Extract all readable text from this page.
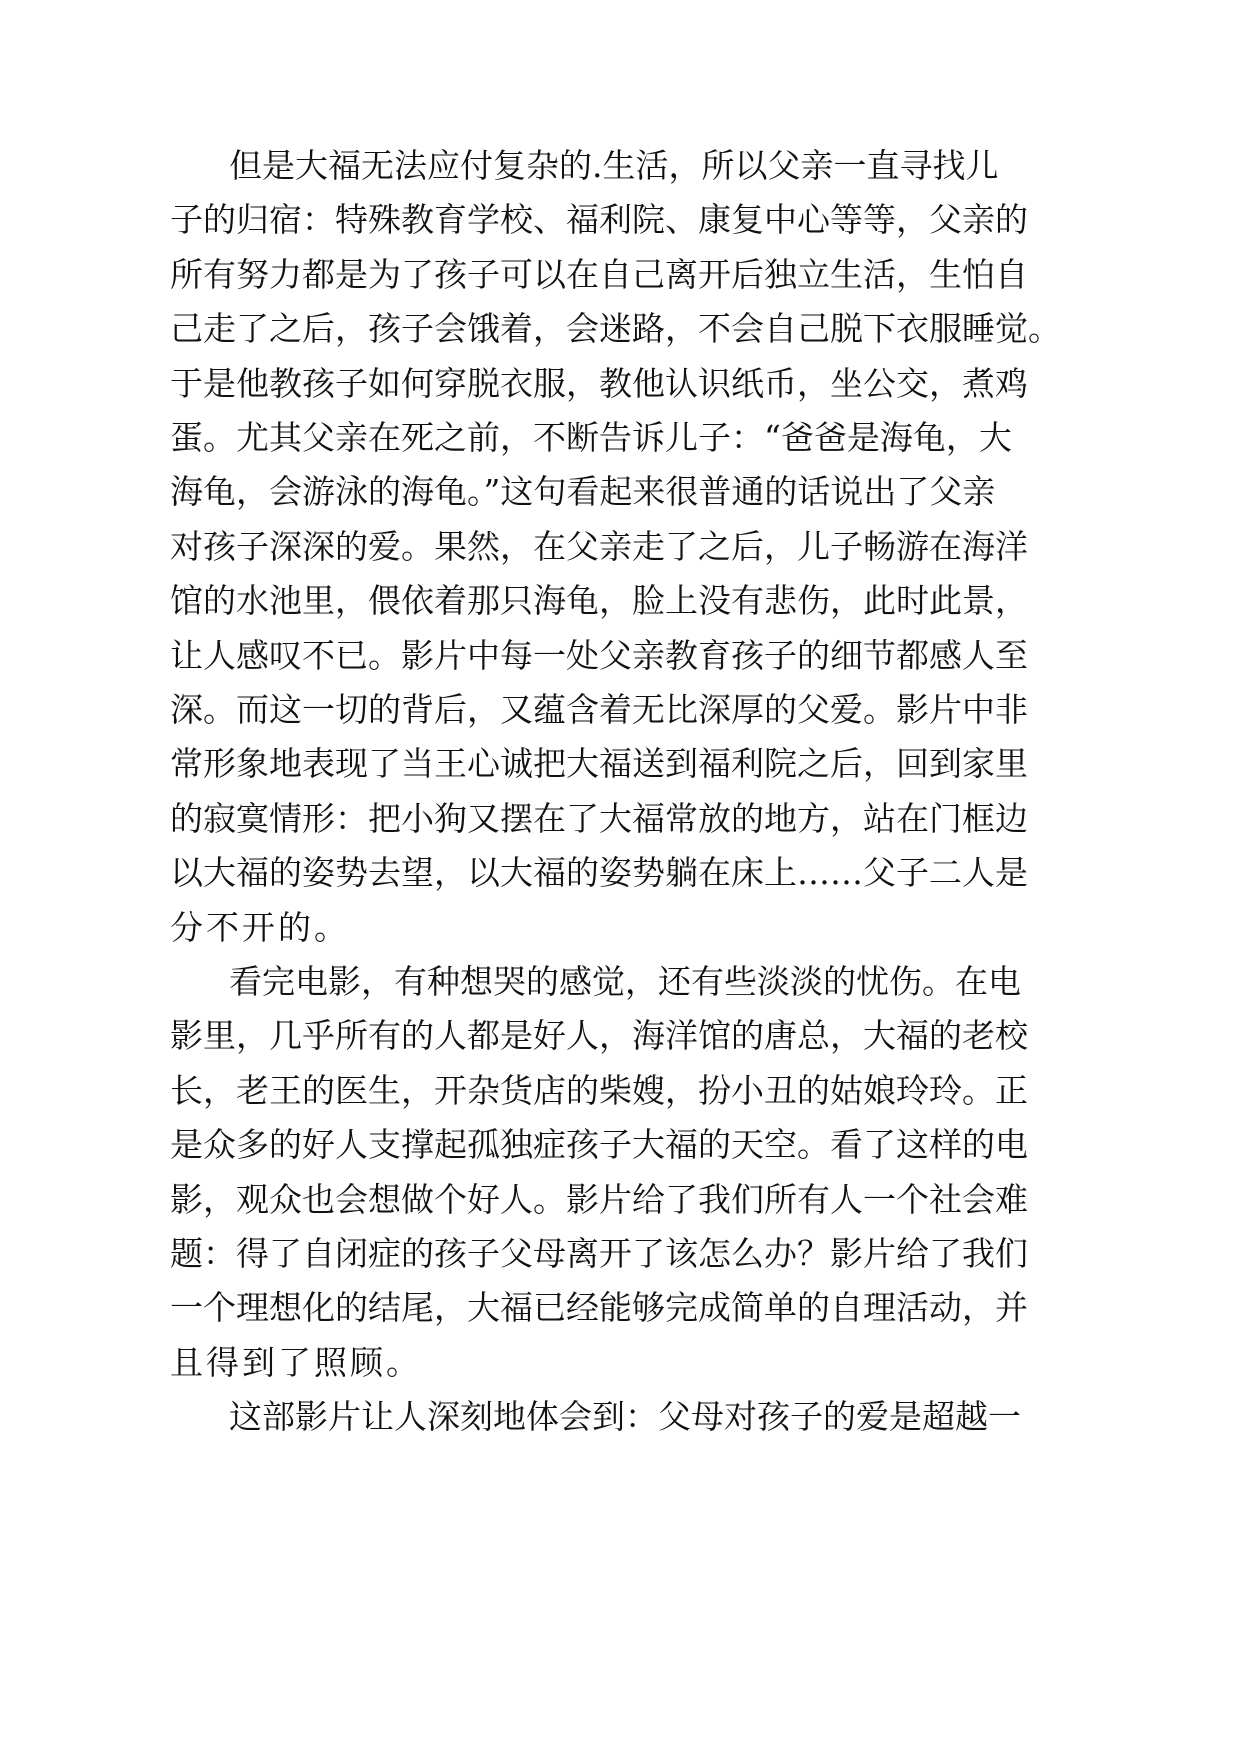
但是大福无法应付复杂的.生活，所以父亲一直寻找儿
子的归宿：特殊教育学校、福利院、康复中心等等，父亲的
所有努力都是为了孩子可以在自己离开后独立生活，生怕自
己走了之后，孩子会饿着，会迷路，不会自己脱下衣服睡觉。
于是他教孩子如何穿脱衣服，教他认识纸币，坐公交，煮鸡
蛋。尤其父亲在死之前，不断告诉儿子：“爸爸是海龟，大
海龟，会游泳的海龟。”这句看起来很普通的话说出了父亲
对孩子深深的爱。果然，在父亲走了之后，儿子畅游在海洋
馆的水池里，偎依着那只海龟，脸上没有悲伤，此时此景，
让人感叹不已。影片中每一处父亲教育孩子的细节都感人至
深。而这一切的背后，又蕴含着无比深厚的父爱。影片中非
常形象地表现了当王心诚把大福送到福利院之后，回到家里
的寂寞情形：把小狗又摆在了大福常放的地方，站在门框边
以大福的姿势去望，以大福的姿势躺在床上……父子二人是
分不开的。
看完电影，有种想哭的感觉，还有些淡淡的忧伤。在电
影里，几乎所有的人都是好人，海洋馆的唐总，大福的老校
长，老王的医生，开杂货店的柴嫂，扮小丑的姑娘玲玲。正
是众多的好人支撑起孤独症孩子大福的天空。看了这样的电
影，观众也会想做个好人。影片给了我们所有人一个社会难
题：得了自闭症的孩子父母离开了该怎么办？影片给了我们
一个理想化的结尾，大福已经能够完成简单的自理活动，并
且得到了照顾。
这部影片让人深刻地体会到：父母对孩子的爱是超越一
